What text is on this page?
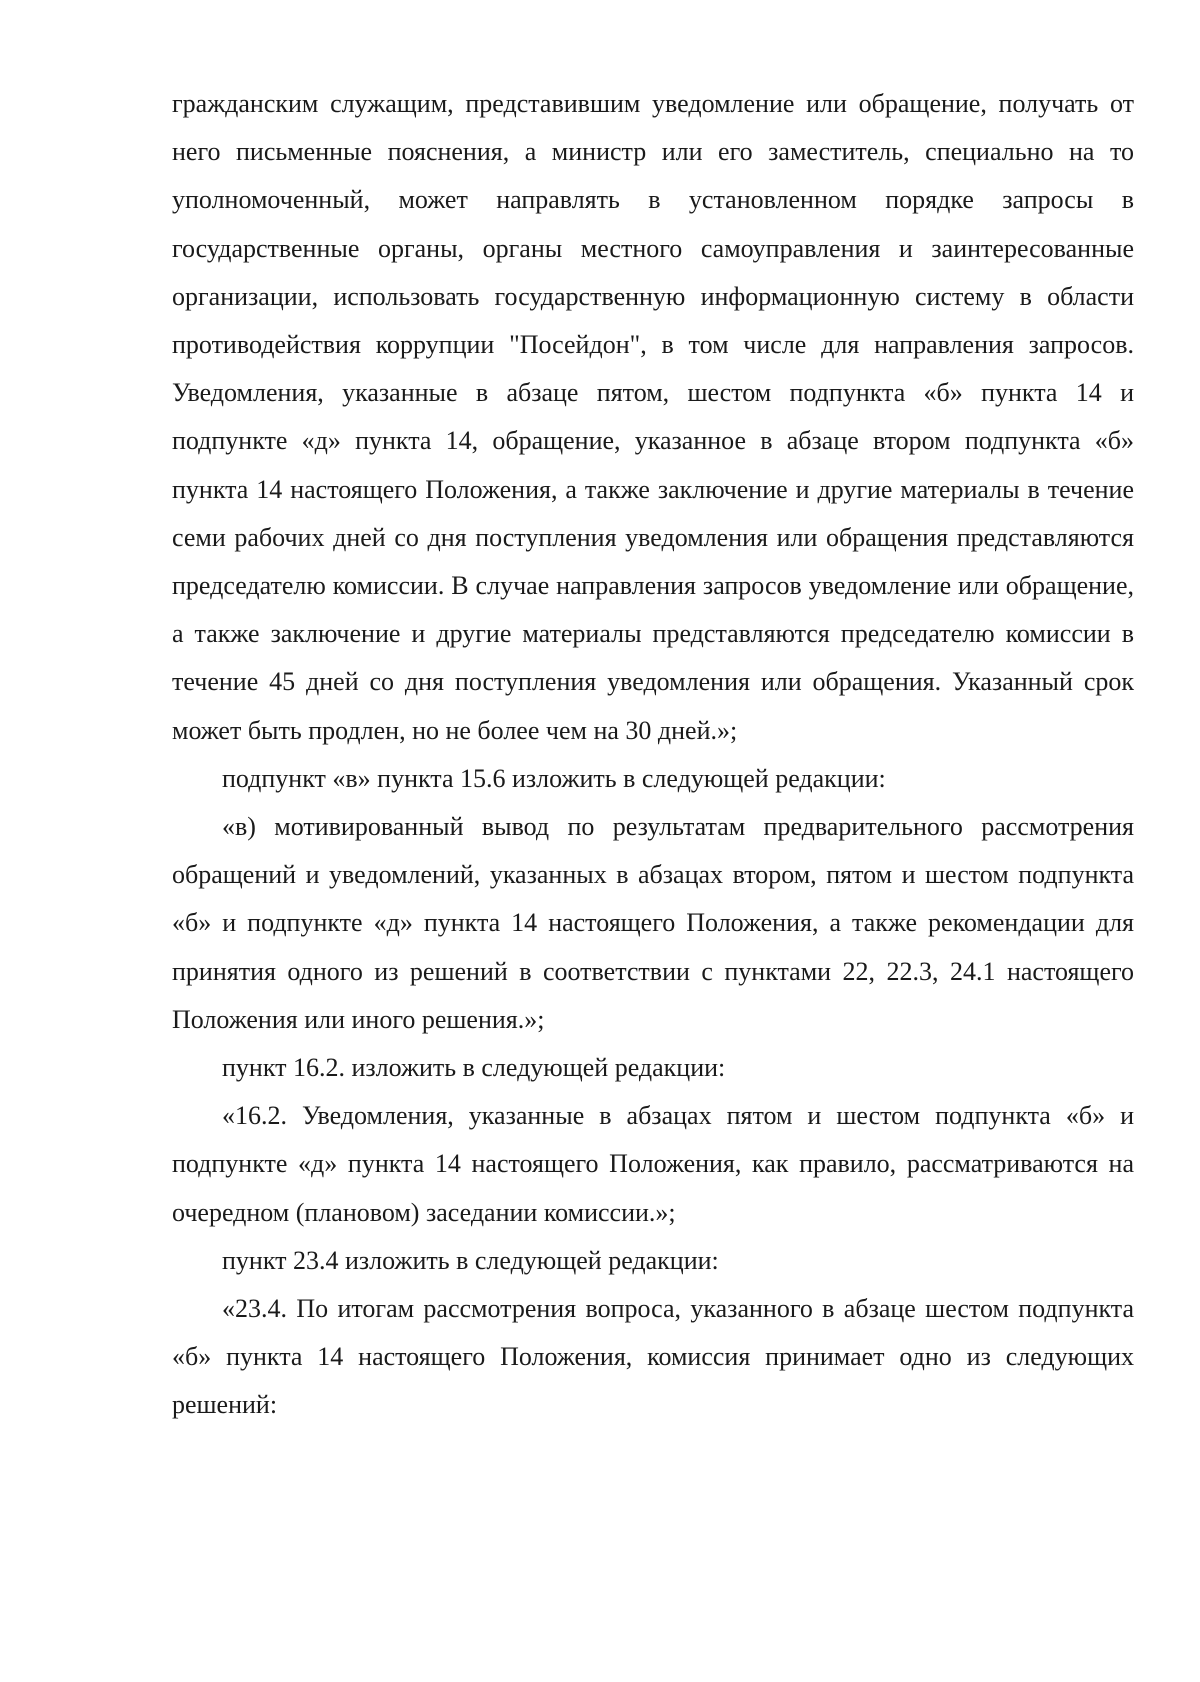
гражданским служащим, представившим уведомление или обращение, получать от него письменные пояснения, а министр или его заместитель, специально на то уполномоченный, может направлять в установленном порядке запросы в государственные органы, органы местного самоуправления и заинтересованные организации, использовать государственную информационную систему в области противодействия коррупции "Посейдон", в том числе для направления запросов. Уведомления, указанные в абзаце пятом, шестом подпункта «б» пункта 14 и подпункте «д» пункта 14, обращение, указанное в абзаце втором подпункта «б» пункта 14 настоящего Положения, а также заключение и другие материалы в течение семи рабочих дней со дня поступления уведомления или обращения представляются председателю комиссии. В случае направления запросов уведомление или обращение, а также заключение и другие материалы представляются председателю комиссии в течение 45 дней со дня поступления уведомления или обращения. Указанный срок может быть продлен, но не более чем на 30 дней.»;

подпункт «в» пункта 15.6 изложить в следующей редакции:

«в) мотивированный вывод по результатам предварительного рассмотрения обращений и уведомлений, указанных в абзацах втором, пятом и шестом подпункта «б» и подпункте «д» пункта 14 настоящего Положения, а также рекомендации для принятия одного из решений в соответствии с пунктами 22, 22.3, 24.1 настоящего Положения или иного решения.»;

пункт 16.2. изложить в следующей редакции:

«16.2. Уведомления, указанные в абзацах пятом и шестом подпункта «б» и подпункте «д» пункта 14 настоящего Положения, как правило, рассматриваются на очередном (плановом) заседании комиссии.»;

пункт 23.4 изложить в следующей редакции:

«23.4. По итогам рассмотрения вопроса, указанного в абзаце шестом подпункта «б» пункта 14 настоящего Положения, комиссия принимает одно из следующих решений:
